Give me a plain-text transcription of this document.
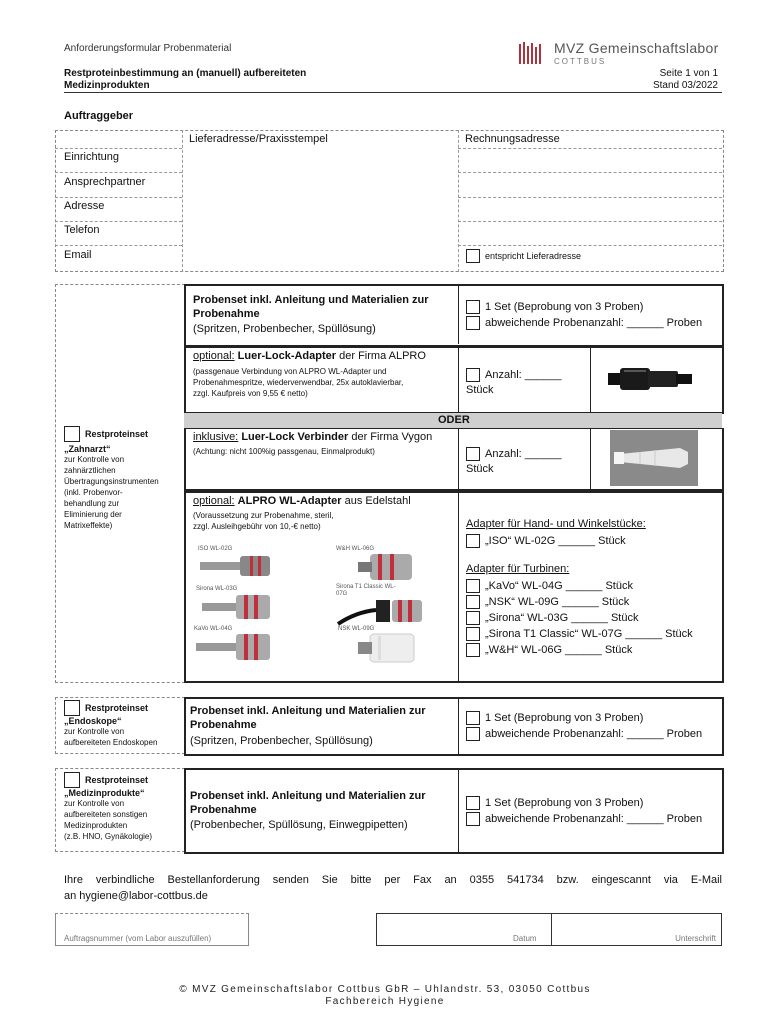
Anforderungsformular Probenmaterial	MVZ Gemeinschaftslabor
COTTBUS
Restproteinbestimmung an (manuell) aufbereiteten
Medizinprodukten
Seite 1 von 1
Stand 03/2022
Auftraggeber
Lieferadresse/Praxisstempel	Rechnungsadresse
Einrichtung
Ansprechpartner
Adresse
Telefon
Email	entspricht Lieferadresse
Restproteinset
„Zahnarzt“
zur Kontrolle von
zahnärztlichen
Übertragungsinstrumenten
(inkl. Probenvor-
behandlung zur
Eliminierung der
Matrixeffekte)
Probenset inkl. Anleitung und Materialien zur
Probenahme
(Spritzen, Probenbecher, Spüllösung)
1 Set (Beprobung von 3 Proben)
abweichende Probenanzahl: ______ Proben
optional: Luer-Lock-Adapter der Firma ALPRO
(passgenaue Verbindung von ALPRO WL-Adapter und
Probenahmespritze, wiederverwendbar, 25x autoklavierbar,
zzgl. Kaufpreis von 9,55 € netto)
Anzahl: ______
Stück
ODER
inklusive: Luer-Lock Verbinder der Firma Vygon
(Achtung: nicht 100%ig passgenau, Einmalprodukt)	Anzahl: ______
Stück
optional: ALPRO WL-Adapter aus Edelstahl
(Voraussetzung zur Probenahme, steril,
zzgl. Ausleihgebühr von 10,-€ netto)
ISO WL-02G	W&H WL-06G
Sirona WL-03G	Sirona T1 Classic WL-07G
KaVo WL-04G	NSK WL-09G
Adapter für Hand- und Winkelstücke:
„ISO“ WL-02G ______ Stück
Adapter für Turbinen:
„KaVo“ WL-04G ______ Stück
„NSK“ WL-09G ______ Stück
„Sirona“ WL-03G ______ Stück
„Sirona T1 Classic“ WL-07G ______ Stück
„W&H“ WL-06G ______ Stück
Restproteinset
„Endoskope“
zur Kontrolle von
aufbereiteten Endoskopen
Probenset inkl. Anleitung und Materialien zur
Probenahme
(Spritzen, Probenbecher, Spüllösung)
1 Set (Beprobung von 3 Proben)
abweichende Probenanzahl: ______ Proben
Restproteinset
„Medizinprodukte“
zur Kontrolle von
aufbereiteten sonstigen
Medizinprodukten
(z.B. HNO, Gynäkologie)
Probenset inkl. Anleitung und Materialien zur
Probenahme
(Probenbecher, Spüllösung, Einwegpipetten)
1 Set (Beprobung von 3 Proben)
abweichende Probenanzahl: ______ Proben
Ihre verbindliche Bestellanforderung senden Sie bitte per Fax an 0355 541734 bzw. eingescannt via E-Mail
an hygiene@labor-cottbus.de
Auftragsnummer (vom Labor auszufüllen)	Datum	Unterschrift
© MVZ Gemeinschaftslabor Cottbus GbR – Uhlandstr. 53, 03050 Cottbus
Fachbereich Hygiene
